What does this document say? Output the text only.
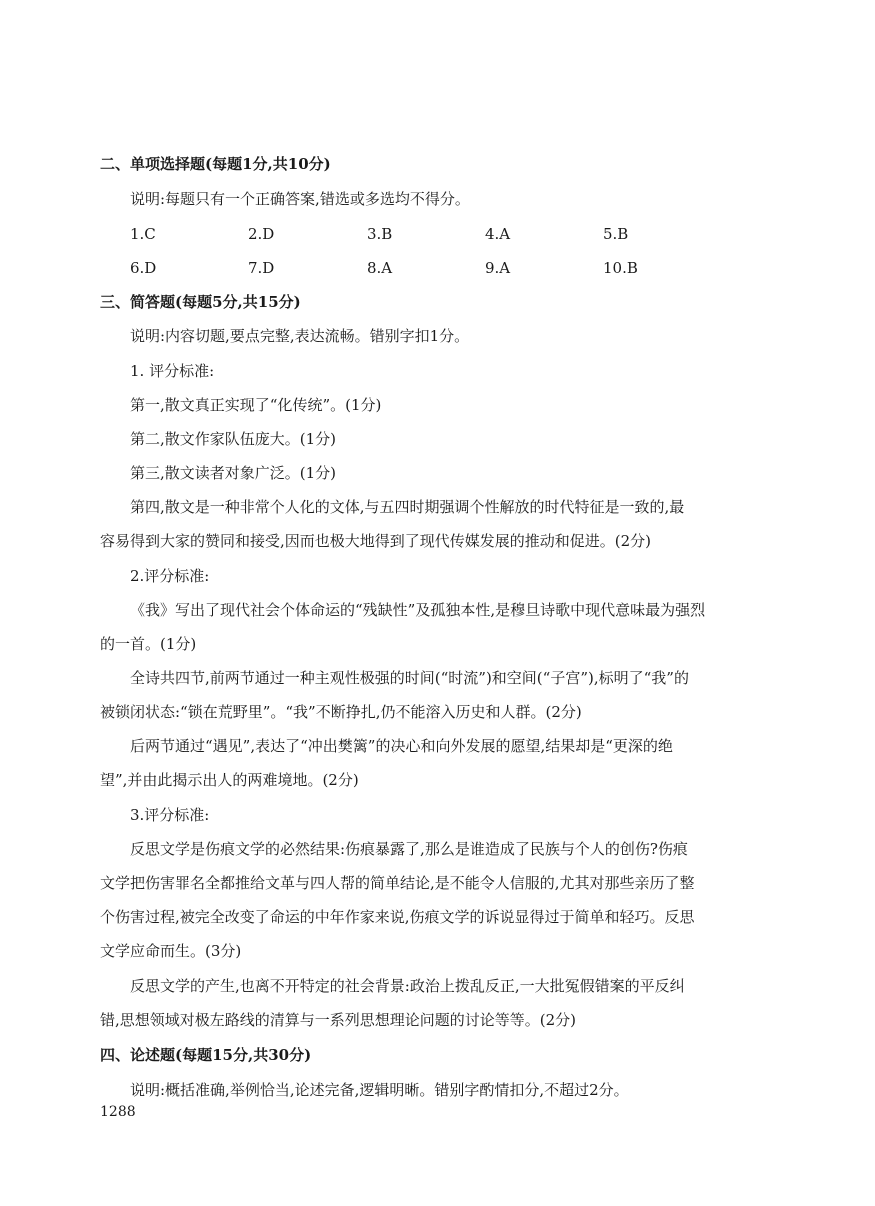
二、单项选择题(每题1分,共10分)
说明:每题只有一个正确答案,错选或多选均不得分。
1.C	2.D	3.B	4.A	5.B
6.D	7.D	8.A	9.A	10.B
三、简答题(每题5分,共15分)
说明:内容切题,要点完整,表达流畅。错别字扣1分。
1. 评分标准:
第一,散文真正实现了“化传统”。(1分)
第二,散文作家队伍庞大。(1分)
第三,散文读者对象广泛。(1分)
第四,散文是一种非常个人化的文体,与五四时期强调个性解放的时代特征是一致的,最
容易得到大家的赞同和接受,因而也极大地得到了现代传媒发展的推动和促进。(2分)
2.评分标准:
《我》写出了现代社会个体命运的“残缺性”及孤独本性,是穆旦诗歌中现代意味最为强烈
的一首。(1分)
全诗共四节,前两节通过一种主观性极强的时间(“时流”)和空间(“子宫”),标明了“我”的
被锁闭状态:“锁在荒野里”。“我”不断挣扎,仍不能溶入历史和人群。(2分)
后两节通过“遇见”,表达了“冲出樊篱”的决心和向外发展的愿望,结果却是“更深的绝
望”,并由此揭示出人的两难境地。(2分)
3.评分标准:
反思文学是伤痕文学的必然结果:伤痕暴露了,那么是谁造成了民族与个人的创伤?伤痕
文学把伤害罪名全都推给文革与四人帮的简单结论,是不能令人信服的,尤其对那些亲历了整
个伤害过程,被完全改变了命运的中年作家来说,伤痕文学的诉说显得过于简单和轻巧。反思
文学应命而生。(3分)
反思文学的产生,也离不开特定的社会背景:政治上拨乱反正,一大批冤假错案的平反纠
错,思想领域对极左路线的清算与一系列思想理论问题的讨论等等。(2分)
四、论述题(每题15分,共30分)
说明:概括准确,举例恰当,论述完备,逻辑明晰。错别字酌情扣分,不超过2分。
1288
